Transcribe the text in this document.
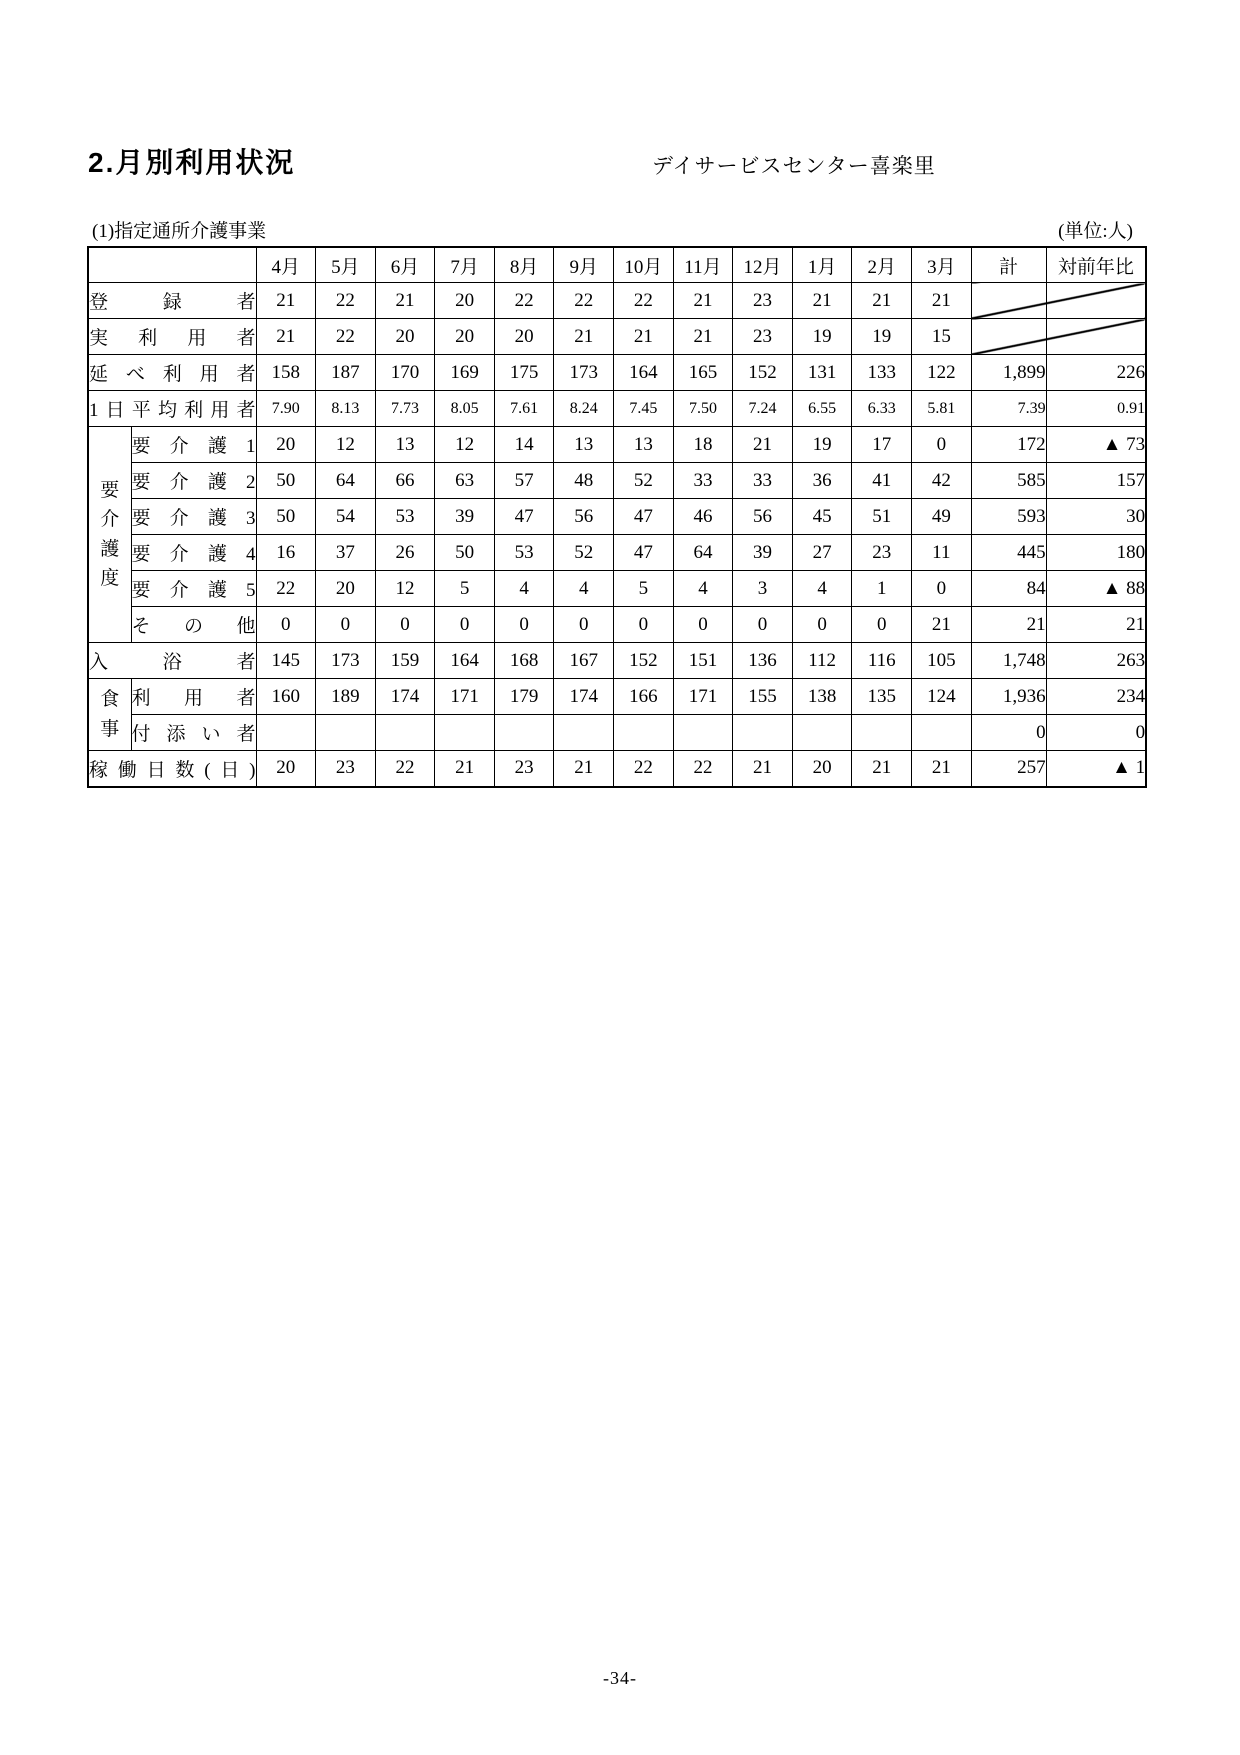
2.月別利用状況	デイサービスセンター喜楽里
(1)指定通所介護事業	(単位:人)
		4月	5月	6月	7月	8月	9月	10月	11月	12月	1月	2月	3月	計	対前年比
登録者		21	22	21	20	22	22	22	21	23	21	21	21		

実利用者		21	22	20	20	20	21	21	21	23	19	19	15		

延べ利用者		158	187	170	169	175	173	164	165	152	131	133	122	1,899	226
1日平均利用者		7.90	8.13	7.73	8.05	7.61	8.24	7.45	7.50	7.24	6.55	6.33	5.81	7.39	0.91

要
介
護
度	要介護1	20	12	13	12	14	13	13	18	21	19	17	0	172	▲ 73
	要介護2	50	64	66	63	57	48	52	33	33	36	41	42	585	157
	要介護3	50	54	53	39	47	56	47	46	56	45	51	49	593	30
	要介護4	16	37	26	50	53	52	47	64	39	27	23	11	445	180
	要介護5	22	20	12	5	4	4	5	4	3	4	1	0	84	▲ 88
	その他	0	0	0	0	0	0	0	0	0	0	0	21	21	21
入浴者		145	173	159	164	168	167	152	151	136	112	116	105	1,748	263

食
事	利用者	160	189	174	171	179	174	166	171	155	138	135	124	1,936	234
	付添い者													0	0
稼働日数(日)		20	23	22	21	23	21	22	22	21	20	21	21	257	▲ 1
-34-
